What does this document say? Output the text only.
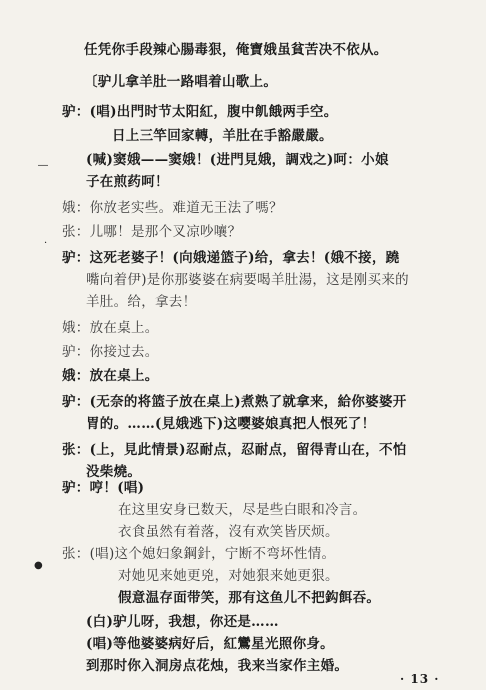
任凭你手段辣心腸毒狠，俺寶娥虽貧苦决不依从。
〔驴儿拿羊肚一路唱着山歌上。
驴：(唱)出門时节太阳紅，腹中飢餓两手空。
日上三竿回家轉，羊肚在手豁嚴嚴。
(喊)窦娥——窦娥！(进門見娥，調戏之)呵：小娘
子在煎药呵！
娥：你放老实些。难道无王法了嗎？
张：儿哪！是那个叉凉吵嚷？
驴：这死老婆子！(向娥递篮子)给，拿去！(娥不接，蹺
嘴向着伊)是你那婆婆在病要喝羊肚湯，这是刚买来的
羊肚。给，拿去！
娥：放在桌上。
驴：你接过去。
娥：放在桌上。
驴：(无奈的将篮子放在桌上)煮熟了就拿来，給你婆婆开
胃的。……(見娥逃下)这嘤婆娘真把人恨死了！
张：(上，見此情景)忍耐点，忍耐点，留得青山在，不怕
没柴燒。
驴：哼！(唱)
在这里安身已数天，尽是些白眼和冷言。
衣食虽然有着落，沒有欢笑皆厌烦。
张：(唱)这个媳妇象鋼針，宁断不弯坏性情。
对她见来她更兇，对她狠来她更狠。
假意温存面带笑，那有这鱼儿不把鈎餌吞。
(白)驴儿呀，我想，你还是……
(唱)等他婆婆病好后，紅鸞星光照你身。
―
·
●
到那时你入洞房点花烛，我来当家作主婚。
· 13 ·
